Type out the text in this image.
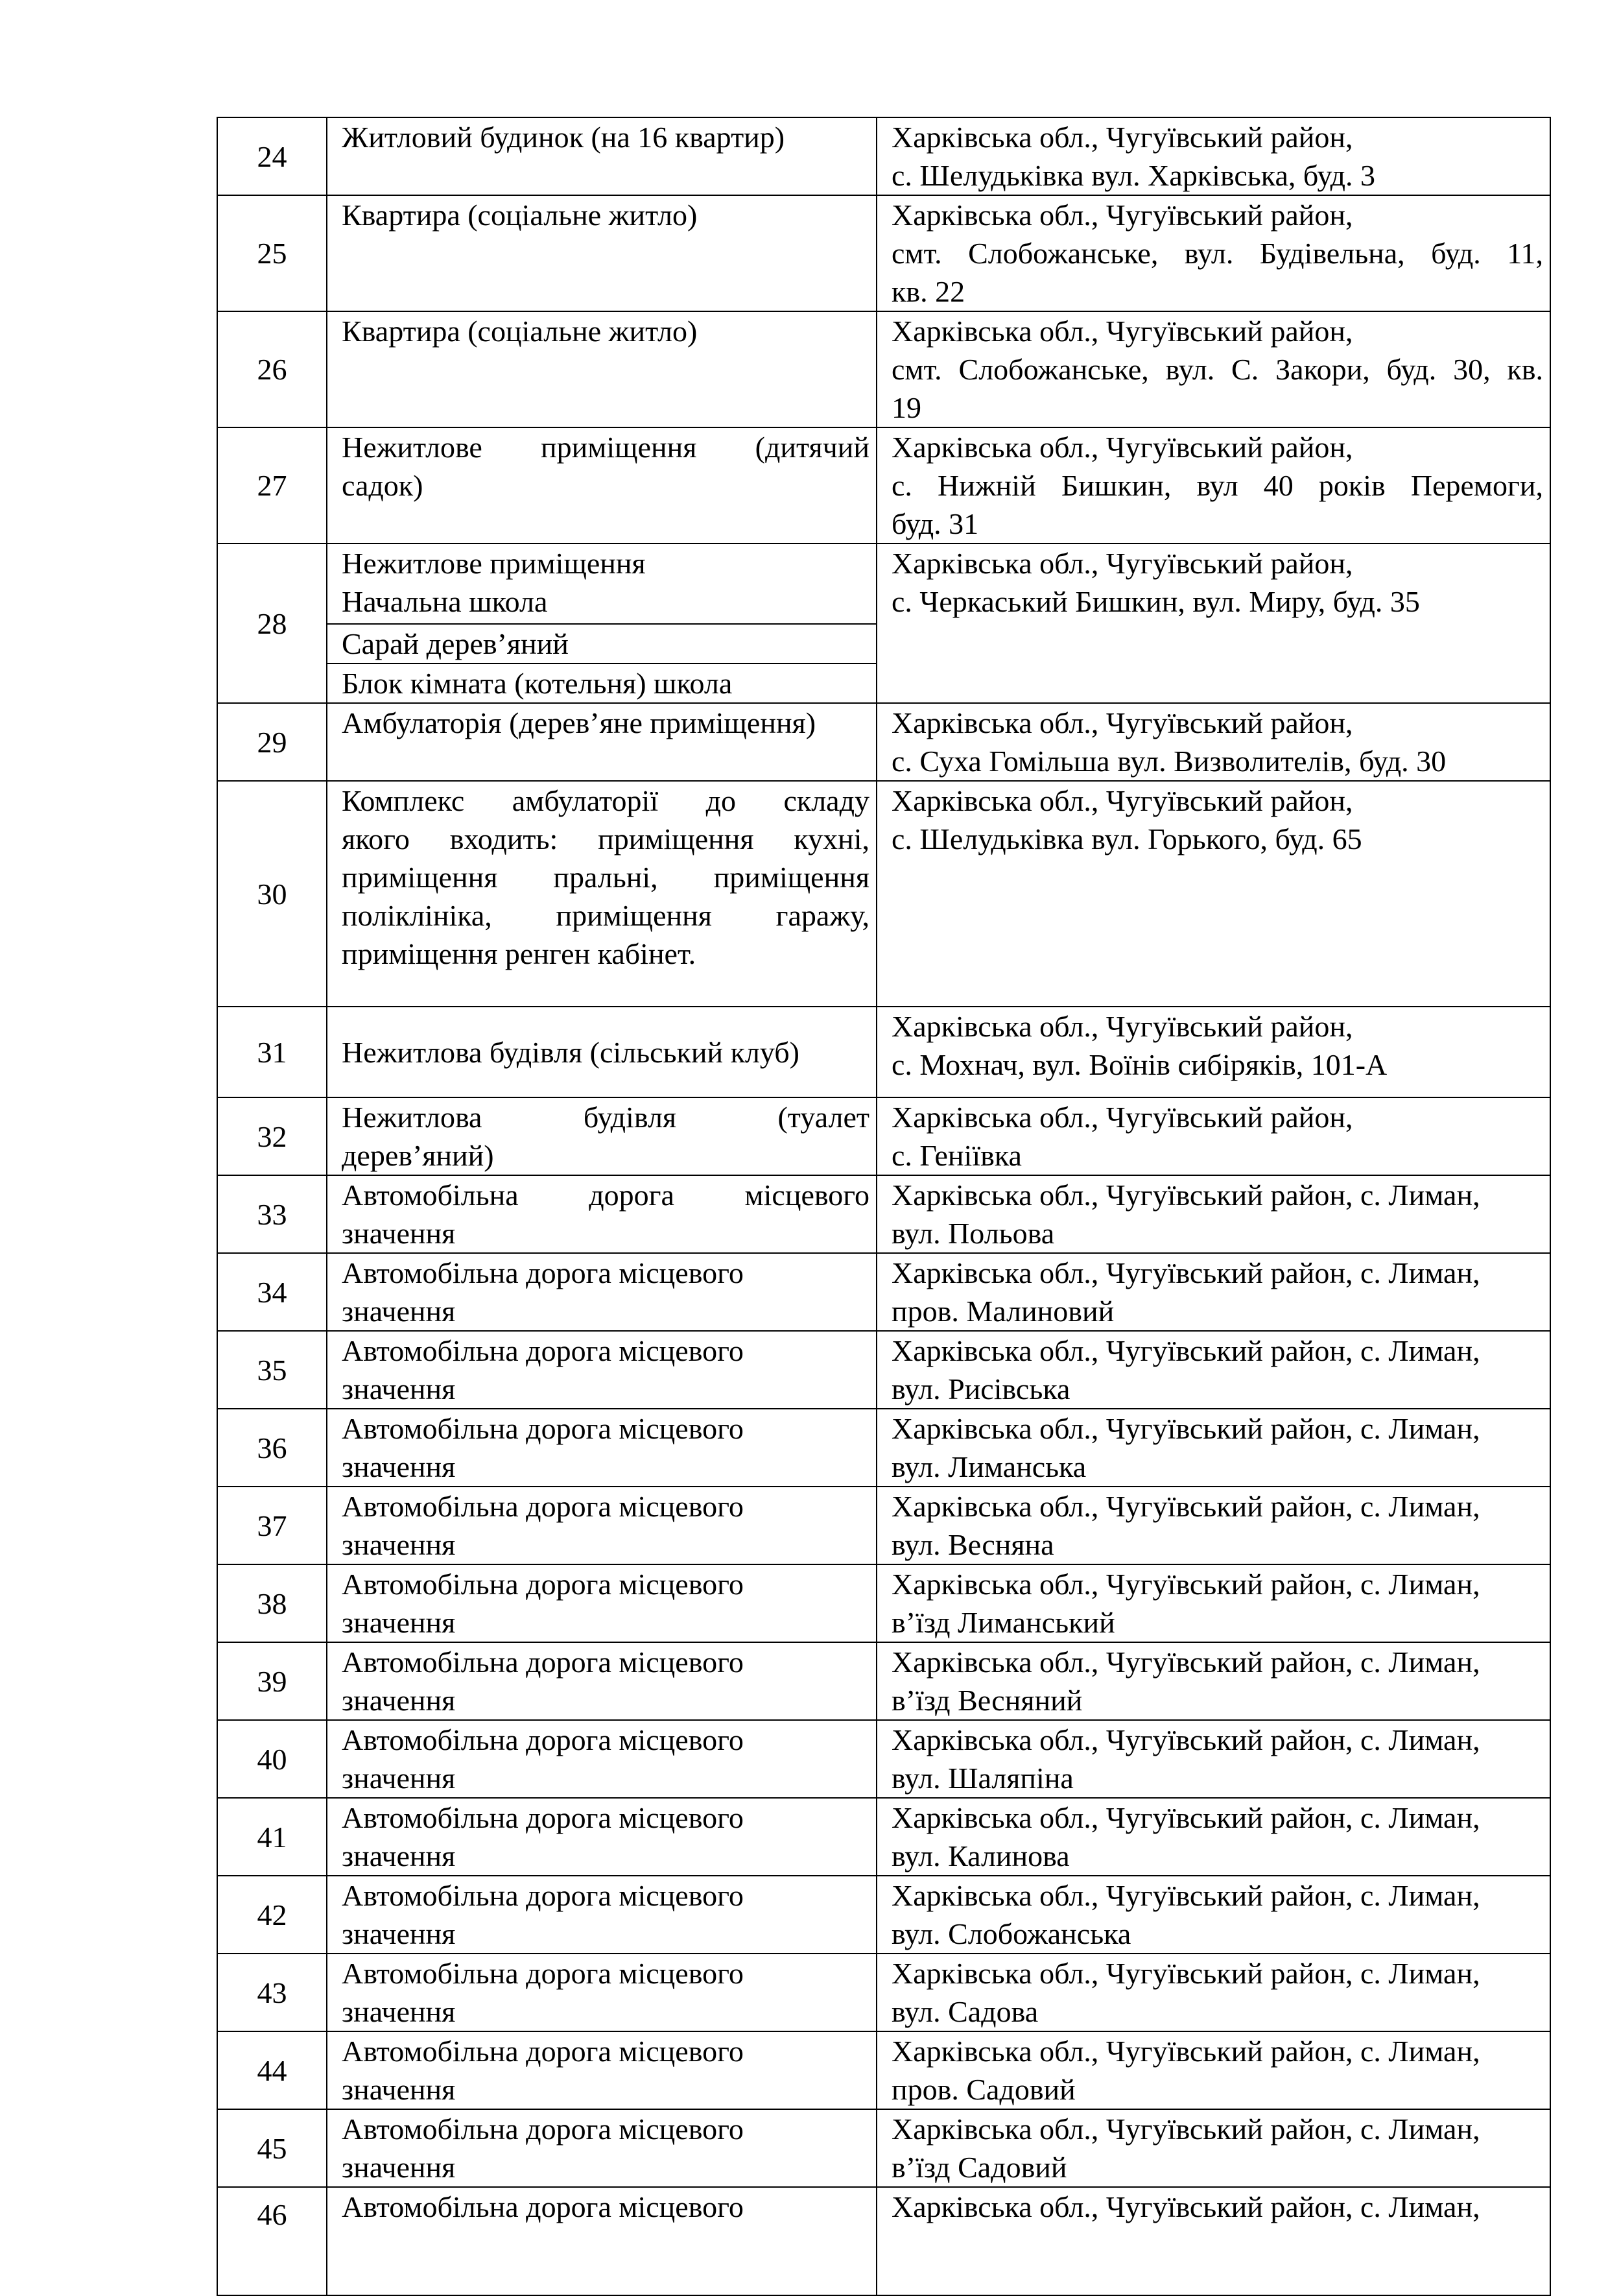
24	Житловий будинок (на 16 квартир)	Харківська обл., Чугуївський район,
с. Шелудьківка вул. Харківська, буд. 3

25	Квартира (соціальне житло)	Харківська обл., Чугуївський район,
смт. Слобожанське, вул. Будівельна, буд. 11,
кв. 22

26	Квартира (соціальне житло)	Харківська обл., Чугуївський район,
смт. Слобожанське, вул. С. Закори, буд. 30, кв.
19

27	Нежитлове приміщення (дитячий
садок)	Харківська обл., Чугуївський район,
с. Нижній Бишкин, вул 40 років Перемоги,
буд. 31

28	Нежитлове приміщення
Начальна школа	Харківська обл., Чугуївський район,
с. Черкаський Бишкин, вул. Миру, буд. 35

	Сарай дерев’яний	
	Блок кімната (котельня) школа	
29	Амбулаторія (дерев’яне приміщення)	Харківська обл., Чугуївський район,
с. Суха Гомільша вул. Визволителів, буд. 30

30	Комплекс амбулаторії до складу
якого входить: приміщення кухні,
приміщення пральні, приміщення
поліклініка, приміщення гаражу,
приміщення ренген кабінет.	Харківська обл., Чугуївський район,
с. Шелудьківка вул. Горького, буд. 65

31	Нежитлова будівля (сільський клуб)	Харківська обл., Чугуївський район,
с. Мохнач, вул. Воїнів сибіряків, 101-А

32	Нежитлова будівля (туалет
дерев’яний)	Харківська обл., Чугуївський район,
с. Геніївка

33	Автомобільна дорога місцевого
значення	Харківська обл., Чугуївський район, с. Лиман,
вул. Польова

34	Автомобільна дорога місцевого
значення	Харківська обл., Чугуївський район, с. Лиман,
пров. Малиновий

35	Автомобільна дорога місцевого
значення	Харківська обл., Чугуївський район, с. Лиман,
вул. Рисівська

36	Автомобільна дорога місцевого
значення	Харківська обл., Чугуївський район, с. Лиман,
вул. Лиманська

37	Автомобільна дорога місцевого
значення	Харківська обл., Чугуївський район, с. Лиман,
вул. Весняна

38	Автомобільна дорога місцевого
значення	Харківська обл., Чугуївський район, с. Лиман,
в’їзд Лиманський

39	Автомобільна дорога місцевого
значення	Харківська обл., Чугуївський район, с. Лиман,
в’їзд Весняний

40	Автомобільна дорога місцевого
значення	Харківська обл., Чугуївський район, с. Лиман,
вул. Шаляпіна

41	Автомобільна дорога місцевого
значення	Харківська обл., Чугуївський район, с. Лиман,
вул. Калинова

42	Автомобільна дорога місцевого
значення	Харківська обл., Чугуївський район, с. Лиман,
вул. Слобожанська

43	Автомобільна дорога місцевого
значення	Харківська обл., Чугуївський район, с. Лиман,
вул. Садова

44	Автомобільна дорога місцевого
значення	Харківська обл., Чугуївський район, с. Лиман,
пров. Садовий

45	Автомобільна дорога місцевого
значення	Харківська обл., Чугуївський район, с. Лиман,
в’їзд Садовий

46	Автомобільна дорога місцевого	Харківська обл., Чугуївський район, с. Лиман,
